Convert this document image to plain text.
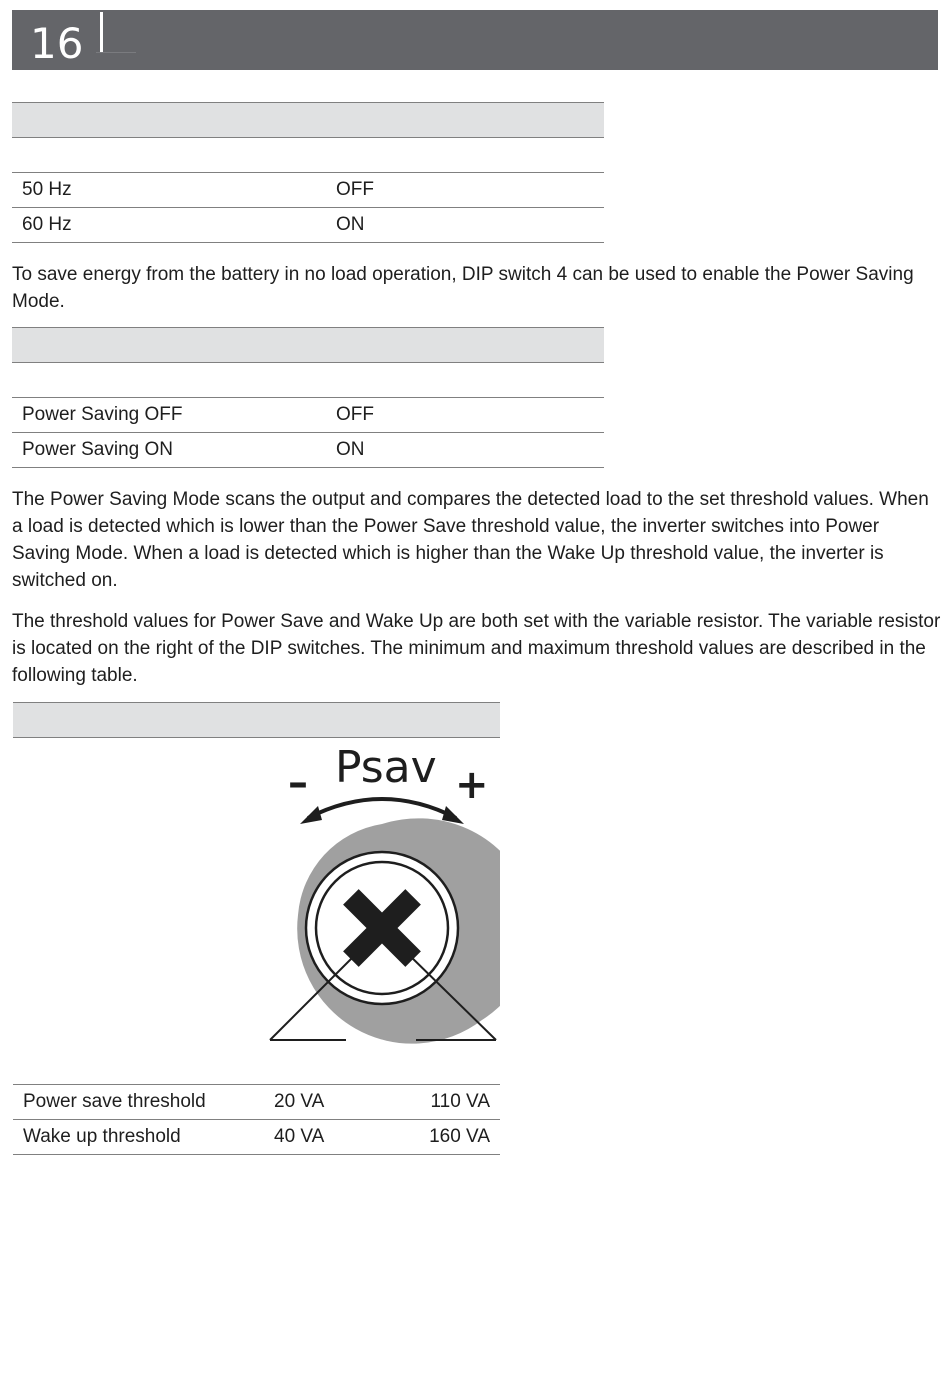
16

50 Hz	OFF
60 Hz	ON

To save energy from the battery in no load operation, DIP switch 4 can be used to enable the Power Saving Mode.

Power Saving OFF	OFF
Power Saving ON	ON

The Power Saving Mode scans the output and compares the detected load to the set threshold values. When a load is detected which is lower than the Power Save threshold value, the inverter switches into Power Saving Mode. When a load is detected which is higher than the Wake Up threshold value, the inverter is switched on.

The threshold values for Power Save and Wake Up are both set with the variable resistor. The variable resistor is located on the right of the DIP switches. The minimum and maximum threshold values are described in the following table.

Psav
–	+
Power save threshold	20 VA	110 VA
Wake up threshold	40 VA	160 VA
